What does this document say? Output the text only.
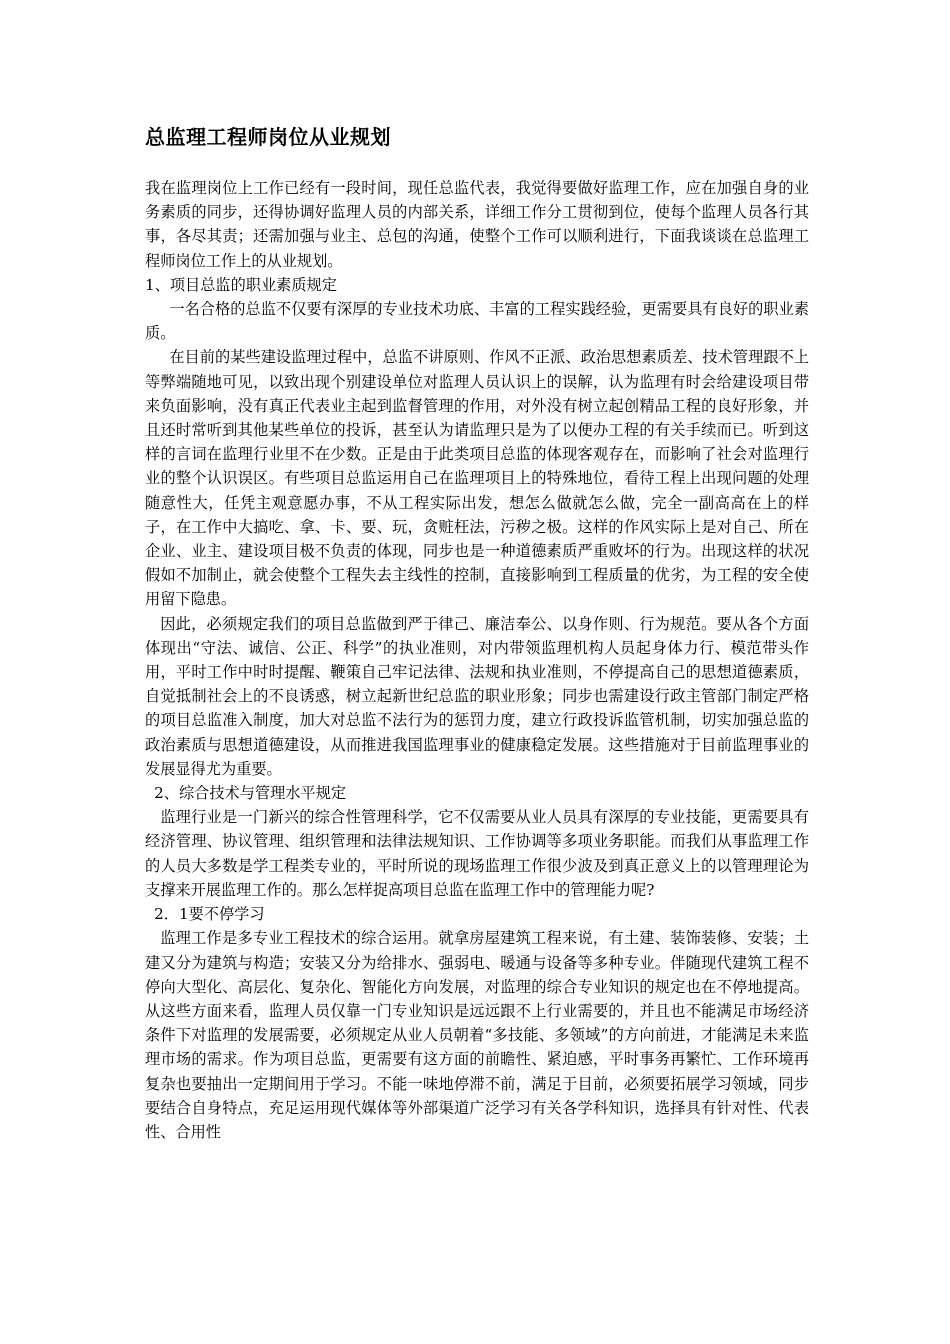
总监理工程师岗位从业规划

我在监理岗位上工作已经有一段时间，现任总监代表，我觉得要做好监理工作，应在加强自身的业务素质的同步，还得协调好监理人员的内部关系，详细工作分工贯彻到位，使每个监理人员各行其事，各尽其责；还需加强与业主、总包的沟通，使整个工作可以顺利进行，下面我谈谈在总监理工程师岗位工作上的从业规划。

1、项目总监的职业素质规定

一名合格的总监不仅要有深厚的专业技术功底、丰富的工程实践经验，更需要具有良好的职业素质。

在目前的某些建设监理过程中，总监不讲原则、作风不正派、政治思想素质差、技术管理跟不上等弊端随地可见，以致出现个别建设单位对监理人员认识上的误解，认为监理有时会给建设项目带来负面影响，没有真正代表业主起到监督管理的作用，对外没有树立起创精品工程的良好形象，并且还时常听到其他某些单位的投诉，甚至认为请监理只是为了以便办工程的有关手续而已。听到这样的言词在监理行业里不在少数。正是由于此类项目总监的体现客观存在，而影响了社会对监理行业的整个认识误区。有些项目总监运用自己在监理项目上的特殊地位，看待工程上出现问题的处理随意性大，任凭主观意愿办事，不从工程实际出发，想怎么做就怎么做，完全一副高高在上的样子，在工作中大搞吃、拿、卡、要、玩，贪赃枉法，污秽之极。这样的作风实际上是对自己、所在企业、业主、建设项目极不负责的体现，同步也是一种道德素质严重败坏的行为。出现这样的状况假如不加制止，就会使整个工程失去主线性的控制，直接影响到工程质量的优劣，为工程的安全使用留下隐患。

因此，必须规定我们的项目总监做到严于律己、廉洁奉公、以身作则、行为规范。要从各个方面体现出“守法、诚信、公正、科学”的执业准则，对内带领监理机构人员起身体力行、模范带头作用，平时工作中时时提醒、鞭策自己牢记法律、法规和执业准则，不停提高自己的思想道德素质，自觉抵制社会上的不良诱惑，树立起新世纪总监的职业形象；同步也需建设行政主管部门制定严格的项目总监准入制度，加大对总监不法行为的惩罚力度，建立行政投诉监管机制，切实加强总监的政治素质与思想道德建设，从而推进我国监理事业的健康稳定发展。这些措施对于目前监理事业的发展显得尤为重要。

2、综合技术与管理水平规定

监理行业是一门新兴的综合性管理科学，它不仅需要从业人员具有深厚的专业技能，更需要具有经济管理、协议管理、组织管理和法律法规知识、工作协调等多项业务职能。而我们从事监理工作的人员大多数是学工程类专业的，平时所说的现场监理工作很少波及到真正意义上的以管理理论为支撑来开展监理工作的。那么怎样捉高项目总监在监理工作中的管理能力呢?

2．1要不停学习

监理工作是多专业工程技术的综合运用。就拿房屋建筑工程来说，有土建、装饰装修、安装；土建又分为建筑与构造；安装又分为给排水、强弱电、暖通与设备等多种专业。伴随现代建筑工程不停向大型化、高层化、复杂化、智能化方向发展，对监理的综合专业知识的规定也在不停地提高。从这些方面来看，监理人员仅靠一门专业知识是远远跟不上行业需要的，并且也不能满足市场经济条件下对监理的发展需要，必须规定从业人员朝着“多技能、多领域”的方向前进，才能满足未来监理市场的需求。作为项目总监，更需要有这方面的前瞻性、紧迫感，平时事务再繁忙、工作环境再复杂也要抽出一定期间用于学习。不能一味地停滞不前，满足于目前，必须要拓展学习领域，同步要结合自身特点，充足运用现代媒体等外部渠道广泛学习有关各学科知识，选择具有针对性、代表性、合用性
